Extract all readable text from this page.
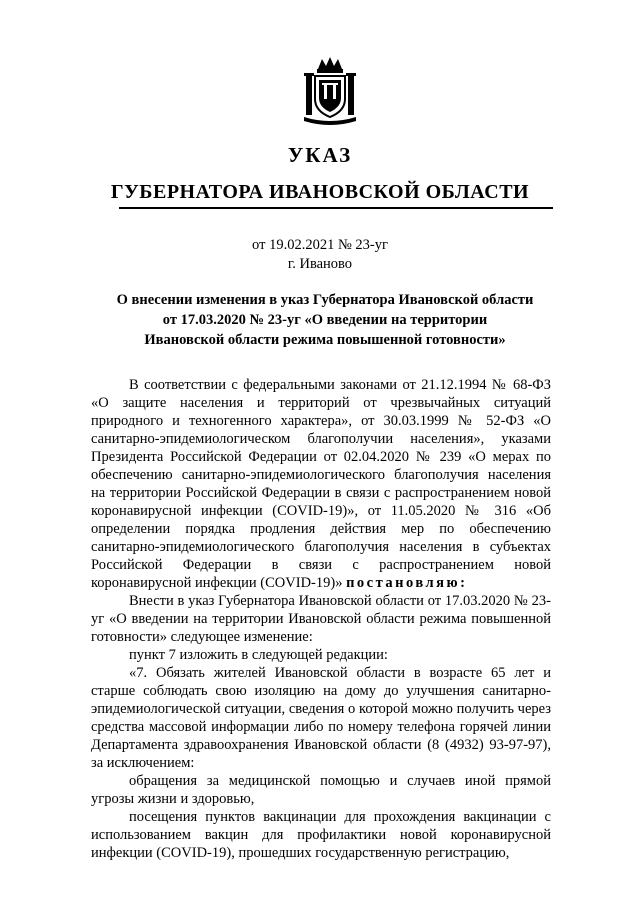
УКАЗ
ГУБЕРНАТОРА ИВАНОВСКОЙ ОБЛАСТИ
от 19.02.2021 № 23-уг
г. Иваново
О внесении изменения в указ Губернатора Ивановской области
от 17.03.2020 № 23-уг «О введении на территории
Ивановской области режима повышенной готовности»

В соответствии с федеральными законами от 21.12.1994 № 68-ФЗ «О защите населения и территорий от чрезвычайных ситуаций природного и техногенного характера», от 30.03.1999 № 52-ФЗ «О санитарно-эпидемиологическом благополучии населения», указами Президента Российской Федерации от 02.04.2020 № 239 «О мерах по обеспечению санитарно-эпидемиологического благополучия населения на территории Российской Федерации в связи с распространением новой коронавирусной инфекции (COVID-19)», от 11.05.2020 № 316 «Об определении порядка продления действия мер по обеспечению санитарно-эпидемиологического благополучия населения в субъектах Российской Федерации в связи с распространением новой коронавирусной инфекции (COVID-19)» постановляю:

Внести в указ Губернатора Ивановской области от 17.03.2020 № 23-уг «О введении на территории Ивановской области режима повышенной готовности» следующее изменение:

пункт 7 изложить в следующей редакции:

«7. Обязать жителей Ивановской области в возрасте 65 лет и старше соблюдать свою изоляцию на дому до улучшения санитарно-эпидемиологической ситуации, сведения о которой можно получить через средства массовой информации либо по номеру телефона горячей линии Департамента здравоохранения Ивановской области (8 (4932) 93-97-97), за исключением:

обращения за медицинской помощью и случаев иной прямой угрозы жизни и здоровью,

посещения пунктов вакцинации для прохождения вакцинации с использованием вакцин для профилактики новой коронавирусной инфекции (COVID-19), прошедших государственную регистрацию,
